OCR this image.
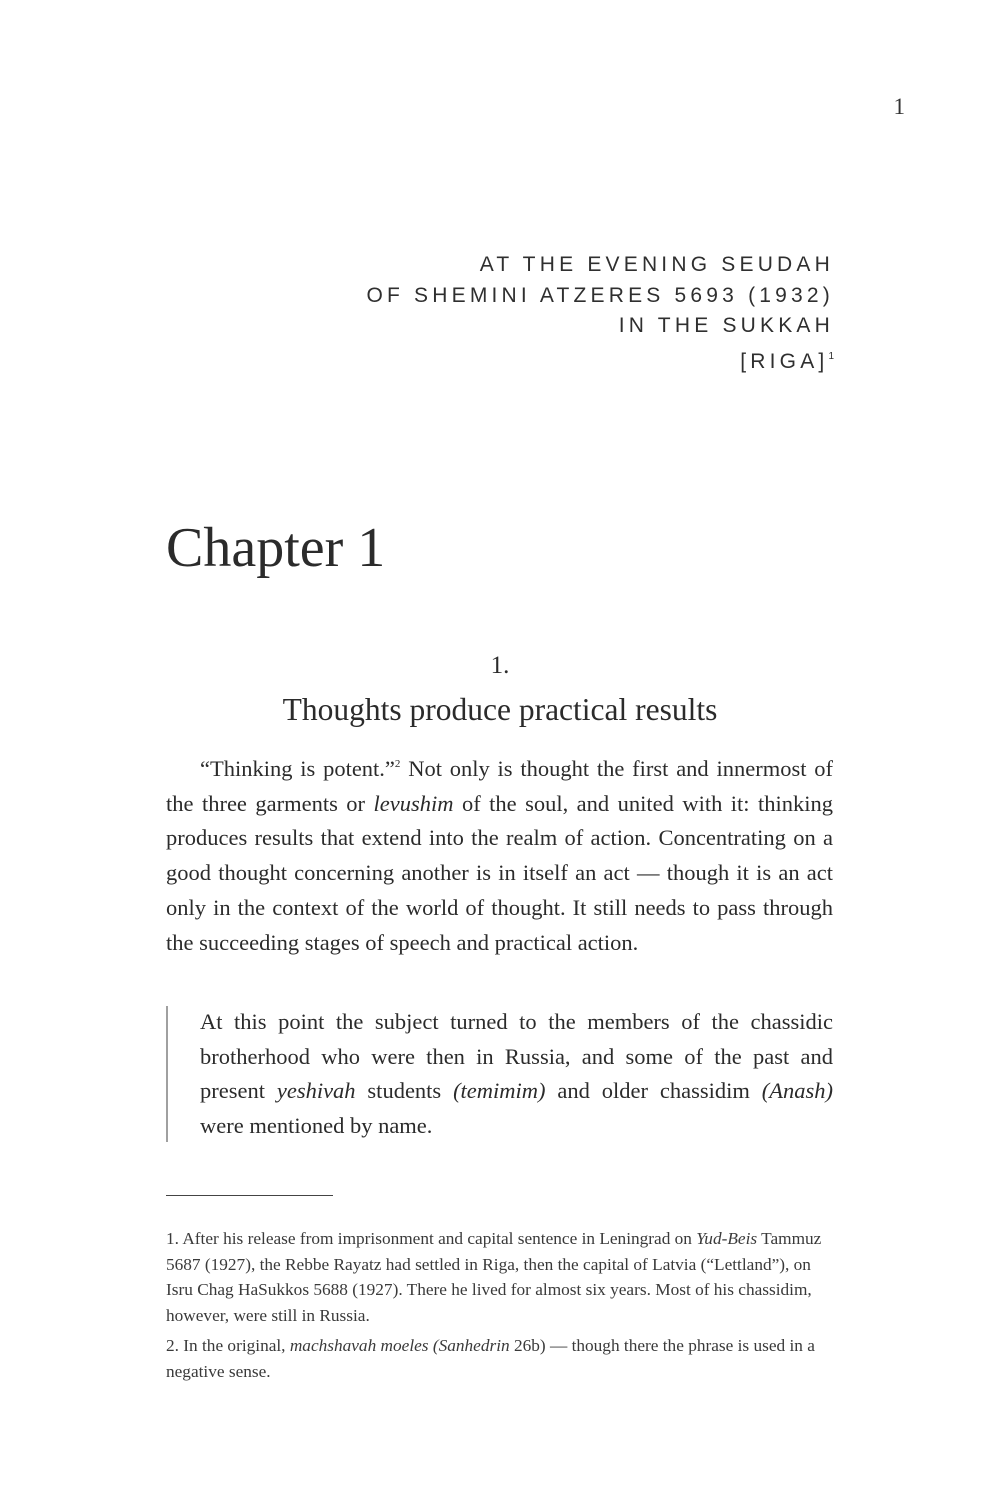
1
AT THE EVENING SEUDAH
OF SHEMINI ATZERES 5693 (1932)
IN THE SUKKAH
[RIGA]$^1$
Chapter 1
1.
Thoughts produce practical results

“Thinking is potent.”$^2$ Not only is thought the first and innermost of the three garments or levushim of the soul, and united with it: thinking produces results that extend into the realm of action. Concentrating on a good thought concerning another is in itself an act — though it is an act only in the context of the world of thought. It still needs to pass through the succeeding stages of speech and practical action.

At this point the subject turned to the members of the chassidic brotherhood who were then in Russia, and some of the past and present yeshivah students (temimim) and older chassidim (Anash) were mentioned by name.

1. After his release from imprisonment and capital sentence in Leningrad on Yud-Beis Tammuz 5687 (1927), the Rebbe Rayatz had settled in Riga, then the capital of Latvia (“Lettland”), on Isru Chag HaSukkos 5688 (1927). There he lived for almost six years. Most of his chassidim, however, were still in Russia.

2. In the original, machshavah moeles (Sanhedrin 26b) — though there the phrase is used in a negative sense.
